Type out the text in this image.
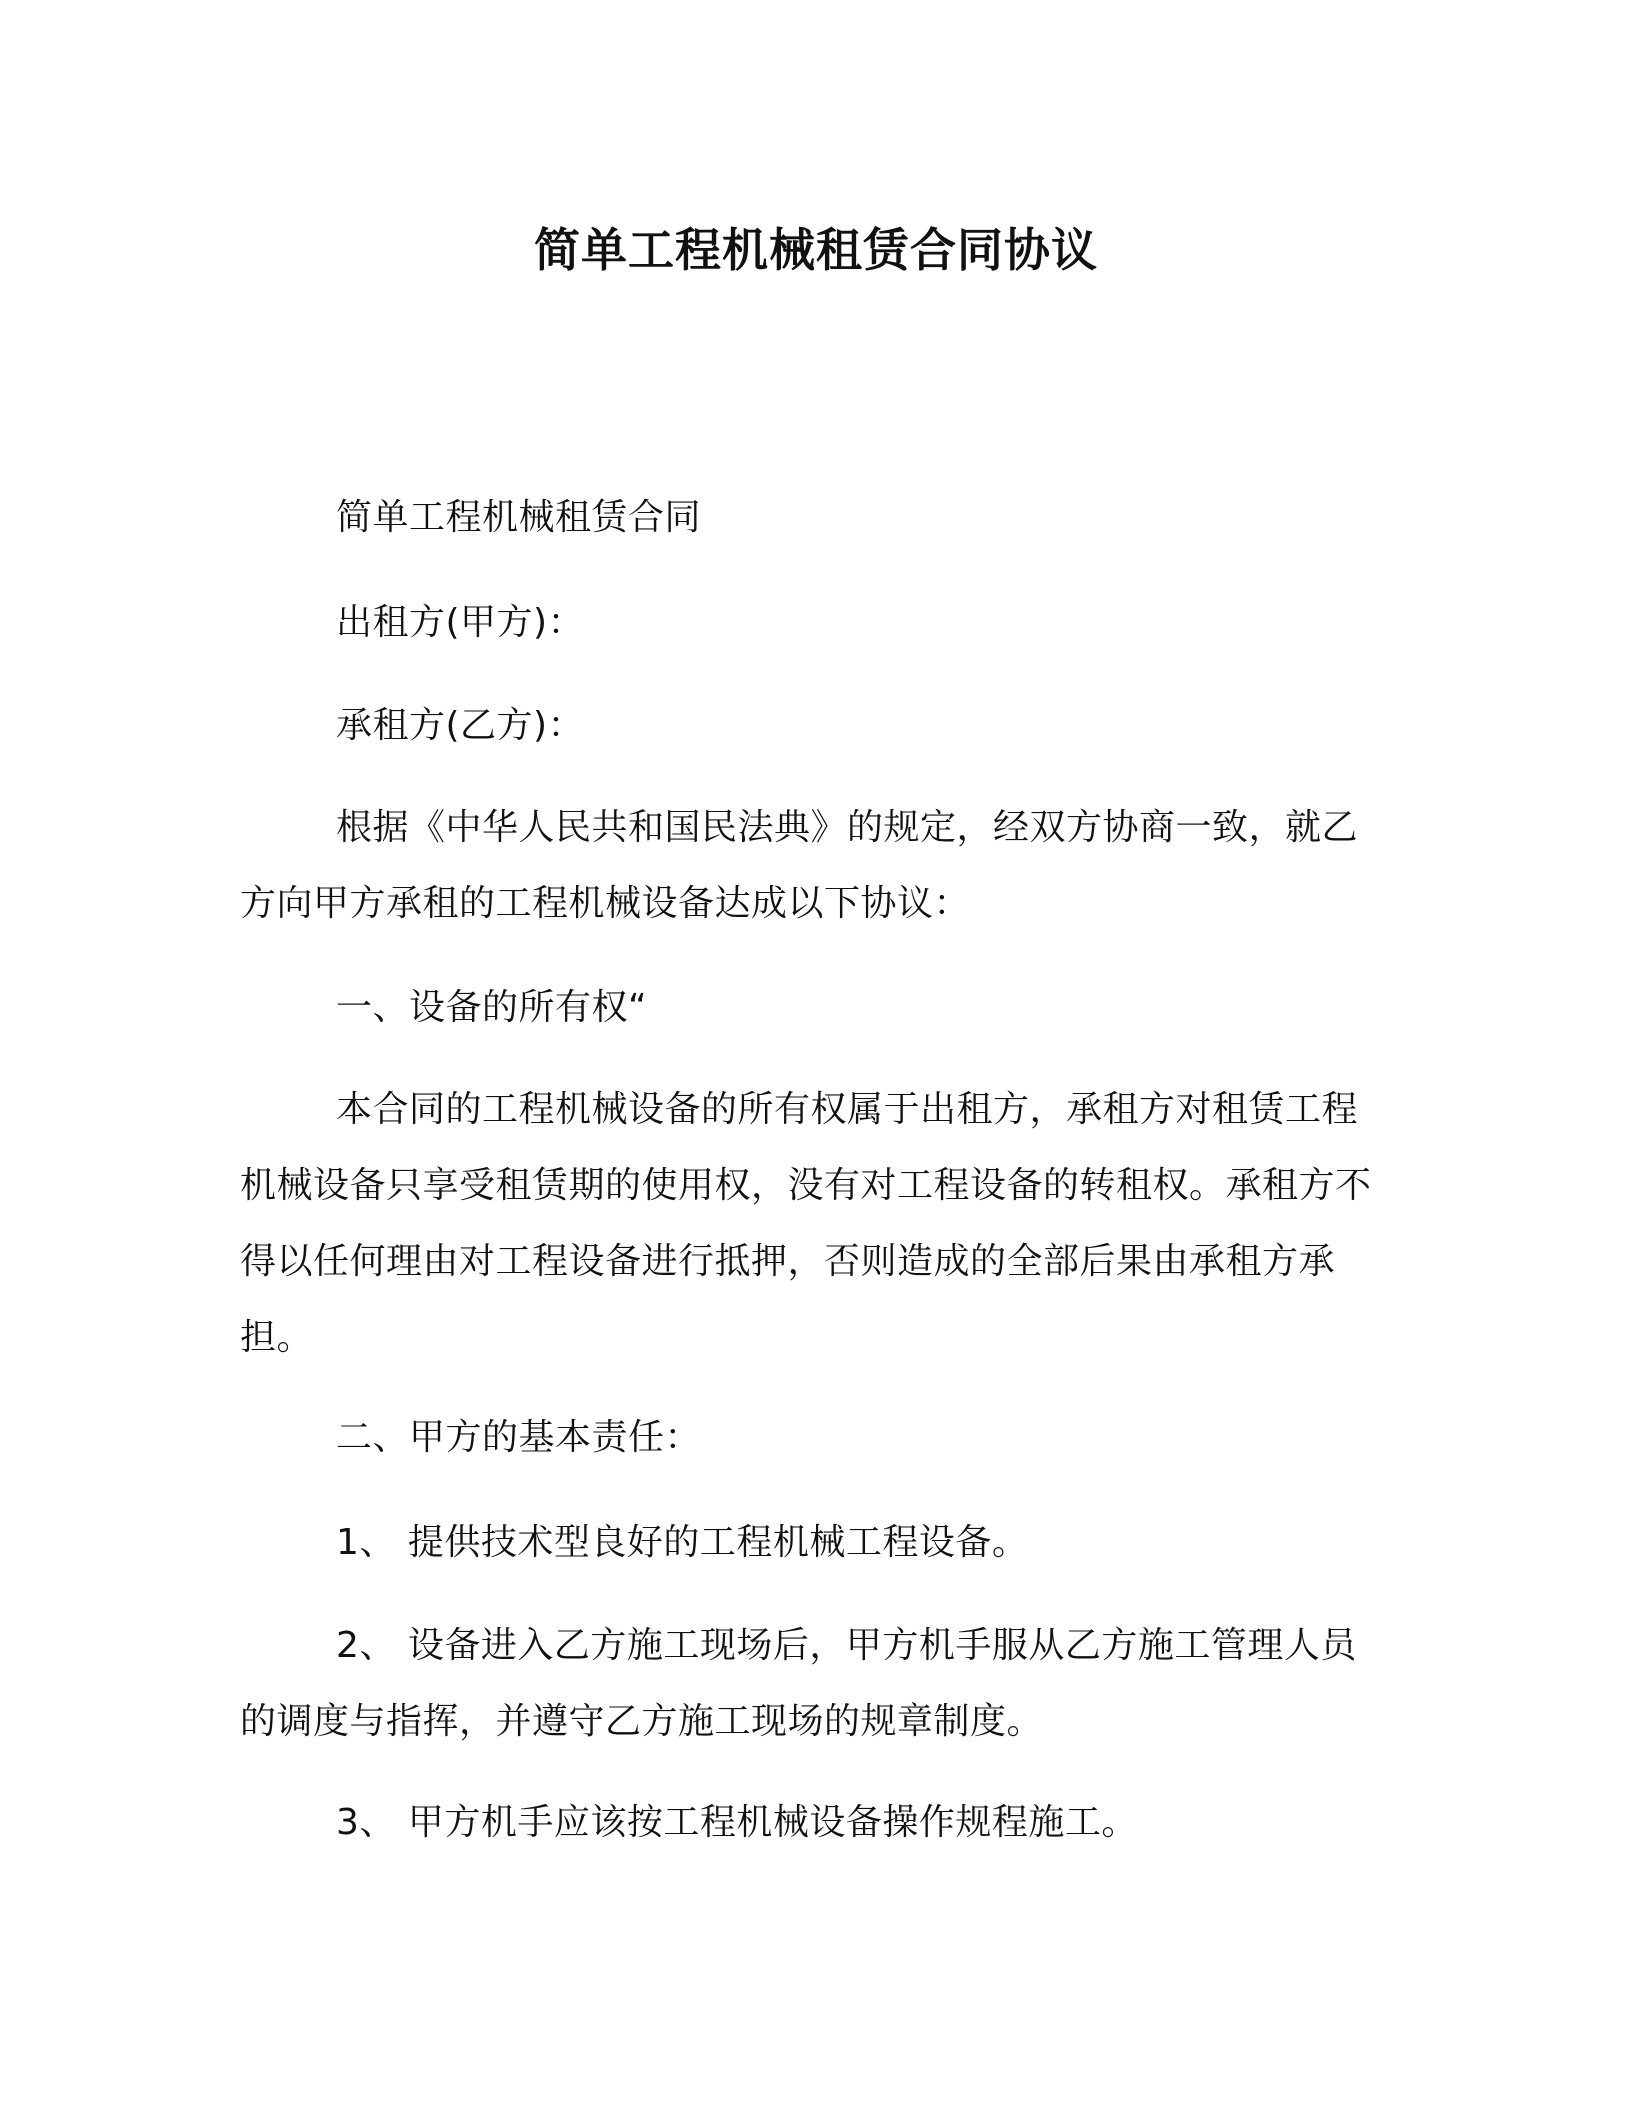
简单工程机械租赁合同协议

简单工程机械租赁合同

出租方(甲方)：

承租方(乙方)：

根据《中华人民共和国民法典》的规定，经双方协商一致，就乙方向甲方承租的工程机械设备达成以下协议：

一、设备的所有权“

本合同的工程机械设备的所有权属于出租方，承租方对租赁工程机械设备只享受租赁期的使用权，没有对工程设备的转租权。承租方不得以任何理由对工程设备进行抵押，否则造成的全部后果由承租方承担。

二、甲方的基本责任：

1、 提供技术型良好的工程机械工程设备。

2、 设备进入乙方施工现场后，甲方机手服从乙方施工管理人员的调度与指挥，并遵守乙方施工现场的规章制度。

3、 甲方机手应该按工程机械设备操作规程施工。
